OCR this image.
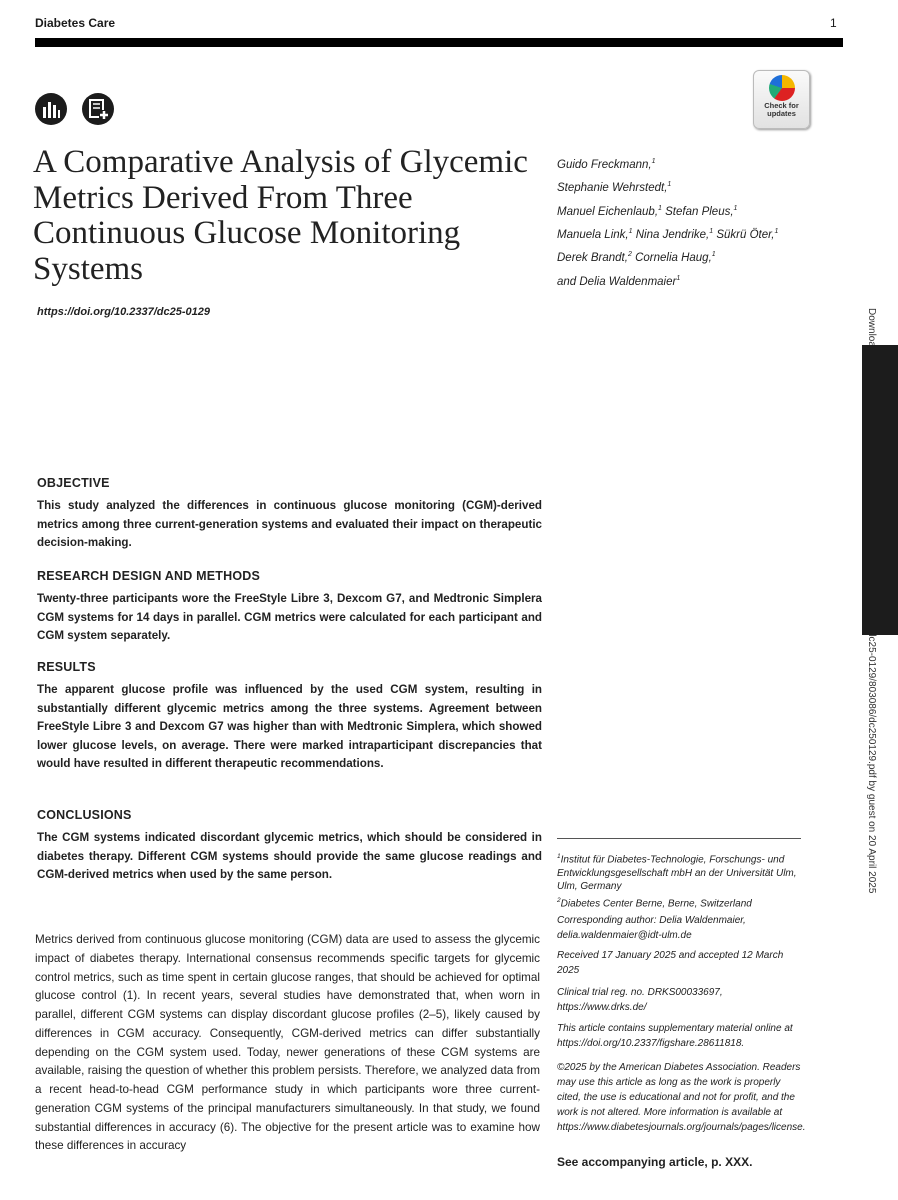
Diabetes Care	1
Check for
updates
A Comparative Analysis of Glycemic Metrics Derived From Three Continuous Glucose Monitoring Systems
https://doi.org/10.2337/dc25-0129
Guido Freckmann,$^1$
Stephanie Wehrstedt,$^1$
Manuel Eichenlaub,$^1$ Stefan Pleus,$^1$
Manuela Link,$^1$ Nina Jendrike,$^1$ Sükrü Öter,$^1$
Derek Brandt,$^2$ Cornelia Haug,$^1$
and Delia Waldenmaier$^1$
BRIEF REPORT
OBJECTIVE
This study analyzed the differences in continuous glucose monitoring (CGM)-derived metrics among three current-generation systems and evaluated their impact on therapeutic decision-making.
RESEARCH DESIGN AND METHODS
Twenty-three participants wore the FreeStyle Libre 3, Dexcom G7, and Medtronic Simplera CGM systems for 14 days in parallel. CGM metrics were calculated for each participant and CGM system separately.
RESULTS
The apparent glucose profile was influenced by the used CGM system, resulting in substantially different glycemic metrics among the three systems. Agreement between FreeStyle Libre 3 and Dexcom G7 was higher than with Medtronic Simplera, which showed lower glucose levels, on average. There were marked intraparticipant discrepancies that would have resulted in different therapeutic recommendations.
CONCLUSIONS
The CGM systems indicated discordant glycemic metrics, which should be considered in diabetes therapy. Different CGM systems should provide the same glucose readings and CGM-derived metrics when used by the same person.
$^1$Institut für Diabetes-Technologie, Forschungs- und Entwicklungsgesellschaft mbH an der Universität Ulm, Ulm, Germany
$^2$Diabetes Center Berne, Berne, Switzerland
Corresponding author: Delia Waldenmaier, delia.waldenmaier@idt-ulm.de
Received 17 January 2025 and accepted 12 March 2025
Clinical trial reg. no. DRKS00033697, https://www.drks.de/
This article contains supplementary material online at https://doi.org/10.2337/figshare.28611818.
©2025 by the American Diabetes Association. Readers may use this article as long as the work is properly cited, the use is educational and not for profit, and the work is not altered. More information is available at https://www.diabetesjournals.org/journals/pages/license.
See accompanying article, p. XXX.
Metrics derived from continuous glucose monitoring (CGM) data are used to assess the glycemic impact of diabetes therapy. International consensus recommends specific targets for glycemic control metrics, such as time spent in certain glucose ranges, that should be achieved for optimal glucose control (1). In recent years, several studies have demonstrated that, when worn in parallel, different CGM systems can display discordant glucose profiles (2–5), likely caused by differences in CGM accuracy. Consequently, CGM-derived metrics can differ substantially depending on the CGM system used. Today, newer generations of these CGM systems are available, raising the question of whether this problem persists. Therefore, we analyzed data from a recent head-to-head CGM performance study in which participants wore three current-generation CGM systems of the principal manufacturers simultaneously. In that study, we found substantial differences in accuracy (6). The objective for the present article was to examine how these differences in accuracy
